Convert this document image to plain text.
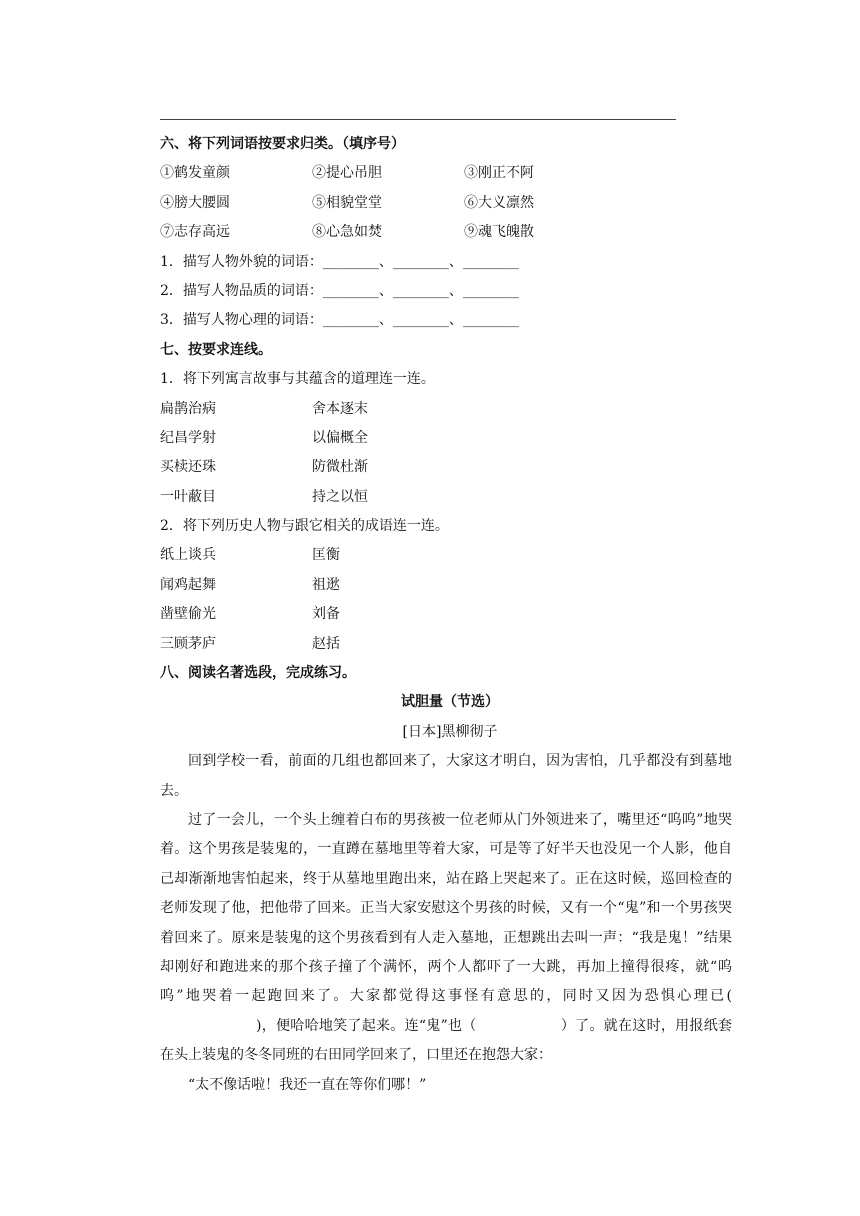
六、将下列词语按要求归类。（填序号）
①鹤发童颜	②提心吊胆	③刚正不阿
④膀大腰圆	⑤相貌堂堂	⑥大义凛然
⑦志存高远	⑧心急如焚	⑨魂飞魄散
1．描写人物外貌的词语：________、________、________
2．描写人物品质的词语：________、________、________
3．描写人物心理的词语：________、________、________
七、按要求连线。
1．将下列寓言故事与其蕴含的道理连一连。
扁鹊治病	舍本逐末
纪昌学射	以偏概全
买椟还珠	防微杜渐
一叶蔽目	持之以恒
2．将下列历史人物与跟它相关的成语连一连。
纸上谈兵	匡衡
闻鸡起舞	祖逖
凿壁偷光	刘备
三顾茅庐	赵括
八、阅读名著选段，完成练习。
试胆量（节选）
[日本]黑柳彻子
回到学校一看，前面的几组也都回来了，大家这才明白，因为害怕，几乎都没有到墓地去。
过了一会儿，一个头上缠着白布的男孩被一位老师从门外领进来了，嘴里还“呜呜”地哭着。这个男孩是装鬼的，一直蹲在墓地里等着大家，可是等了好半天也没见一个人影，他自己却渐渐地害怕起来，终于从墓地里跑出来，站在路上哭起来了。正在这时候，巡回检查的老师发现了他，把他带了回来。正当大家安慰这个男孩的时候，又有一个“鬼”和一个男孩哭着回来了。原来是装鬼的这个男孩看到有人走入墓地，正想跳出去叫一声：“我是鬼！”结果却刚好和跑进来的那个孩子撞了个满怀，两个人都吓了一大跳，再加上撞得很疼，就“呜呜”地哭着一起跑回来了。大家都觉得这事怪有意思的，同时又因为恐惧心理已()，便哈哈地笑了起来。连“鬼”也（	）了。就在这时，用报纸套在头上装鬼的冬冬同班的右田同学回来了，口里还在抱怨大家：
“太不像话啦！我还一直在等你们哪！”
